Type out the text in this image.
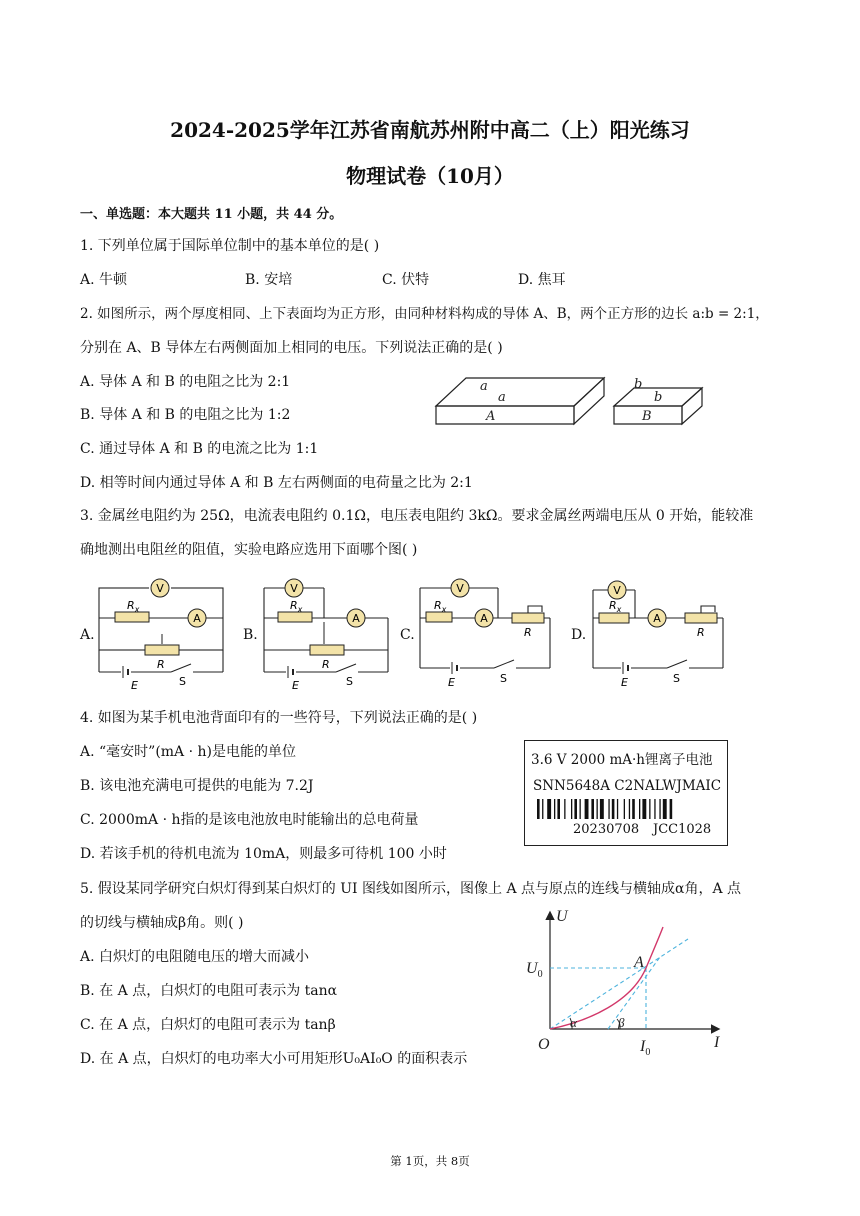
2024-2025学年江苏省南航苏州附中高二（上）阳光练习
物理试卷（10月）
一、单选题：本大题共 11 小题，共 44 分。
1. 下列单位属于国际单位制中的基本单位的是( )
A. 牛顿	B. 安培	C. 伏特	D. 焦耳
2. 如图所示，两个厚度相同、上下表面均为正方形，由同种材料构成的导体 A、B，两个正方形的边长 a:b = 2:1，
分别在 A、B 导体左右两侧面加上相同的电压。下列说法正确的是( )
A. 导体 A 和 B 的电阻之比为 2:1
B. 导体 A 和 B 的电阻之比为 1:2
C. 通过导体 A 和 B 的电流之比为 1:1
D. 相等时间内通过导体 A 和 B 左右两侧面的电荷量之比为 2:1
a
a
A
b
b
B
3. 金属丝电阻约为 25Ω，电流表电阻约 0.1Ω，电压表电阻约 3kΩ。要求金属丝两端电压从 0 开始，能较准
确地测出电阻丝的阻值，实验电路应选用下面哪个图( )
A.	B.	C.	D.
V
$R_x$
A
R
E	S
V
$R_x$
A
R
E	S
V
$R_x$
A
R
E	S
V
$R_x$
A
R
E	S
4. 如图为某手机电池背面印有的一些符号，下列说法正确的是( )
A. “毫安时”(mA · h)是电能的单位
B. 该电池充满电可提供的电能为 7.2J
C. 2000mA · h指的是该电池放电时能输出的总电荷量
D. 若该手机的待机电流为 10mA，则最多可待机 100 小时
3.6 V 2000 mA·h锂离子电池
SNN5648A C2NALWJMAIC
20230708 JCC1028
5. 假设某同学研究白炽灯得到某白炽灯的 UI 图线如图所示，图像上 A 点与原点的连线与横轴成α角，A 点
的切线与横轴成β角。则( )
A. 白炽灯的电阻随电压的增大而减小
B. 在 A 点，白炽灯的电阻可表示为 tanα
C. 在 A 点，白炽灯的电阻可表示为 tanβ
D. 在 A 点，白炽灯的电功率大小可用矩形U₀AI₀O 的面积表示
U
I
O
A
$U_0$
$I_0$
α	β
第 1页，共 8页
